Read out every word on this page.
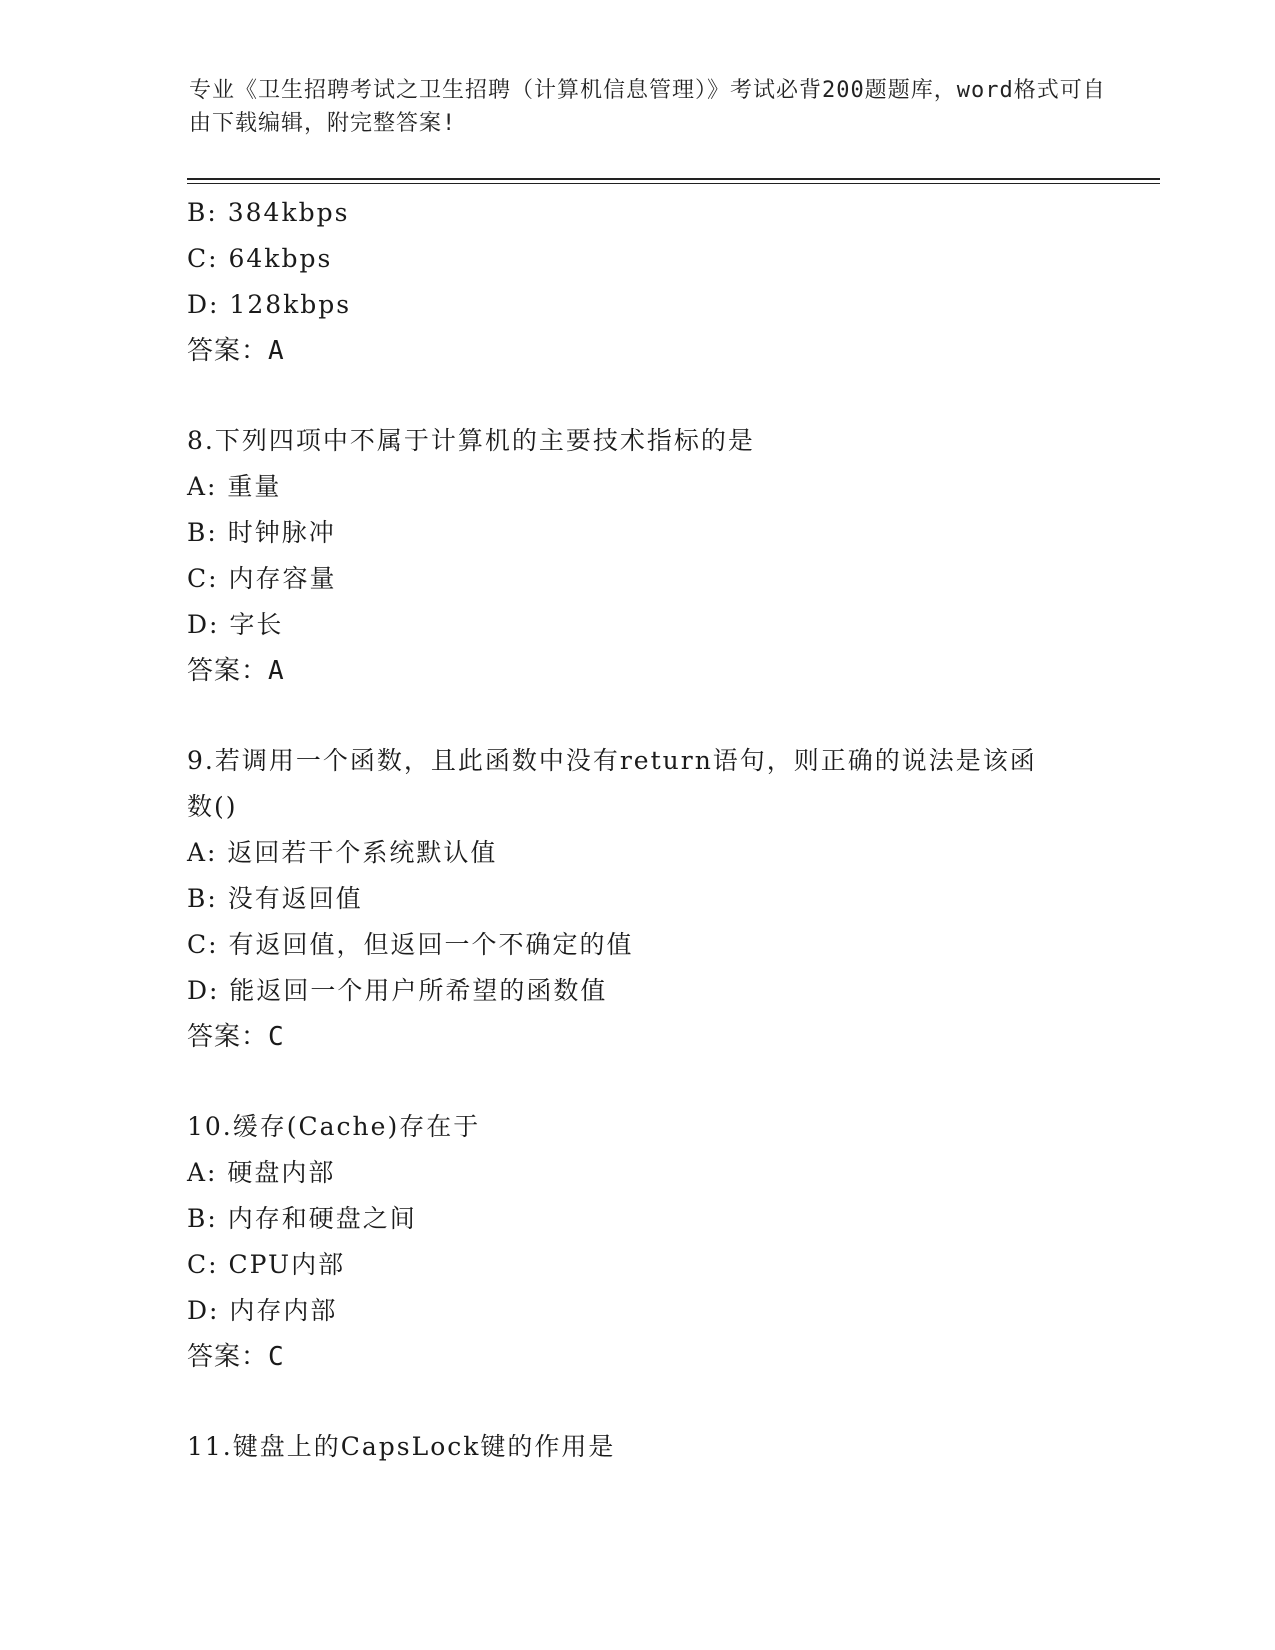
专业《卫生招聘考试之卫生招聘（计算机信息管理）》考试必背200题题库，word格式可自由下载编辑，附完整答案!
B: 384kbps
C: 64kbps
D: 128kbps
答案：A
8.下列四项中不属于计算机的主要技术指标的是
A: 重量
B: 时钟脉冲
C: 内存容量
D: 字长
答案：A
9.若调用一个函数，且此函数中没有return语句，则正确的说法是该函数()
A: 返回若干个系统默认值
B: 没有返回值
C: 有返回值，但返回一个不确定的值
D: 能返回一个用户所希望的函数值
答案：C
10.缓存(Cache)存在于
A: 硬盘内部
B: 内存和硬盘之间
C: CPU内部
D: 内存内部
答案：C
11.键盘上的CapsLock键的作用是
